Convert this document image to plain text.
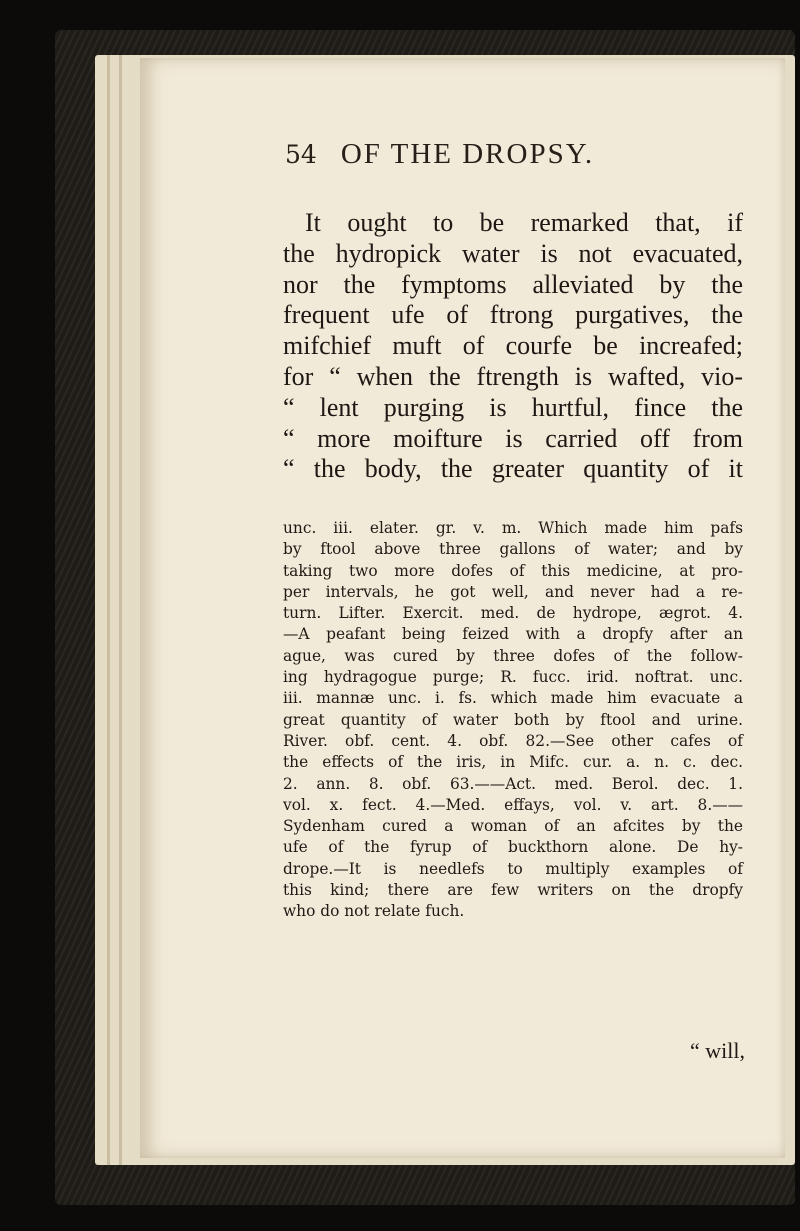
54 OF THE DROPSY.
It ought to be remarked that, if
the hydropick water is not evacuated,
nor the fymptoms alleviated by the
frequent ufe of ftrong purgatives, the
mifchief muft of courfe be increafed;
for “ when the ftrength is wafted, vio-
“ lent purging is hurtful, fince the
“ more moifture is carried off from
“ the body, the greater quantity of it
unc. iii. elater. gr. v. m. Which made him pafs
by ftool above three gallons of water; and by
taking two more dofes of this medicine, at pro-
per intervals, he got well, and never had a re-
turn. Lifter. Exercit. med. de hydrope, ægrot. 4.
—A peafant being feized with a dropfy after an
ague, was cured by three dofes of the follow-
ing hydragogue purge; R. fucc. irid. noftrat. unc.
iii. mannæ unc. i. fs. which made him evacuate a
great quantity of water both by ftool and urine.
River. obf. cent. 4. obf. 82.—See other cafes of
the effects of the iris, in Mifc. cur. a. n. c. dec.
2. ann. 8. obf. 63.——Act. med. Berol. dec. 1.
vol. x. fect. 4.—Med. effays, vol. v. art. 8.——
Sydenham cured a woman of an afcites by the
ufe of the fyrup of buckthorn alone. De hy-
drope.—It is needlefs to multiply examples of
this kind; there are few writers on the dropfy
who do not relate fuch.
“ will,
